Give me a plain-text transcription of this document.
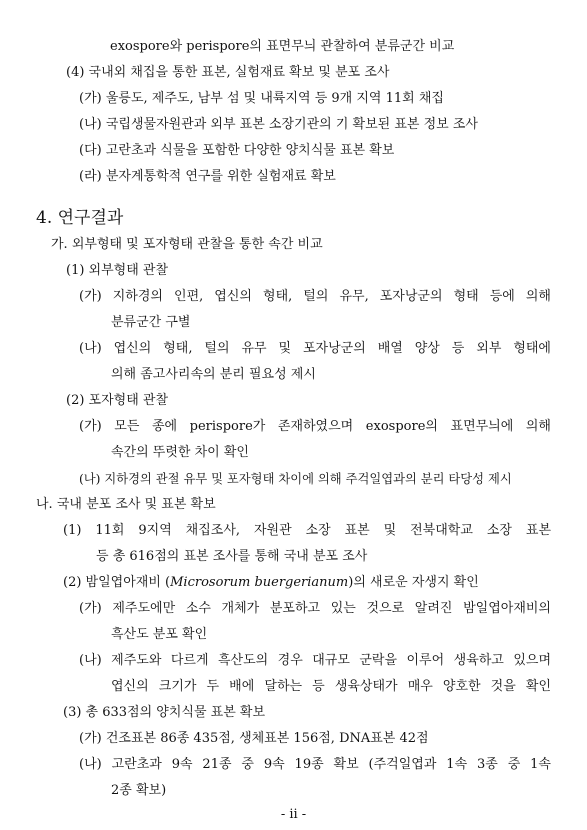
exospore와 perispore의 표면무늬 관찰하여 분류군간 비교
(4) 국내외 채집을 통한 표본, 실험재료 확보 및 분포 조사
(가) 울릉도, 제주도, 남부 섬 및 내륙지역 등 9개 지역 11회 채집
(나) 국립생물자원관과 외부 표본 소장기관의 기 확보된 표본 정보 조사
(다) 고란초과 식물을 포함한 다양한 양치식물 표본 확보
(라) 분자계통학적 연구를 위한 실험재료 확보
4. 연구결과
가. 외부형태 및 포자형태 관찰을 통한 속간 비교
(1) 외부형태 관찰
(가) 지하경의 인편, 엽신의 형태, 털의 유무, 포자낭군의 형태 등에 의해
분류군간 구별
(나) 엽신의 형태, 털의 유무 및 포자낭군의 배열 양상 등 외부 형태에
의해 좀고사리속의 분리 필요성 제시
(2) 포자형태 관찰
(가) 모든 종에 perispore가 존재하였으며 exospore의 표면무늬에 의해
속간의 뚜렷한 차이 확인
(나) 지하경의 관절 유무 및 포자형태 차이에 의해 주걱일엽과의 분리 타당성 제시
나. 국내 분포 조사 및 표본 확보
(1) 11회 9지역 채집조사, 자원관 소장 표본 및 전북대학교 소장 표본
등 총 616점의 표본 조사를 통해 국내 분포 조사
(2) 밤일엽아재비 (Microsorum buergerianum)의 새로운 자생지 확인
(가) 제주도에만 소수 개체가 분포하고 있는 것으로 알려진 밤일엽아재비의
흑산도 분포 확인
(나) 제주도와 다르게 흑산도의 경우 대규모 군락을 이루어 생육하고 있으며
엽신의 크기가 두 배에 달하는 등 생육상태가 매우 양호한 것을 확인
(3) 총 633점의 양치식물 표본 확보
(가) 건조표본 86종 435점, 생체표본 156점, DNA표본 42점
(나) 고란초과 9속 21종 중 9속 19종 확보 (주걱일엽과 1속 3종 중 1속
2종 확보)
- ii -
